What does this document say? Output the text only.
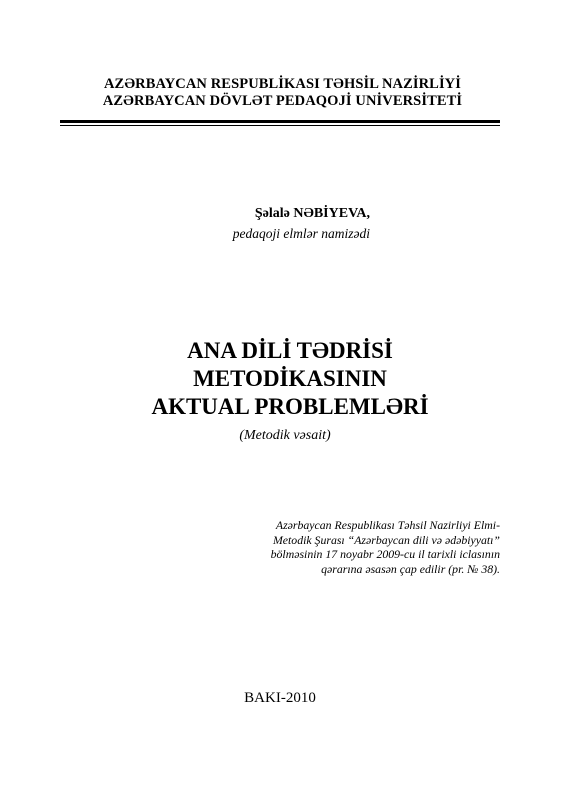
AZƏRBAYCAN RESPUBLİKASI TƏHSİL NAZİRLİYİ
AZƏRBAYCAN DÖVLƏT PEDAQOJİ UNİVERSİTETİ
Şəlalə NƏBİYEVA,
pedaqoji elmlər namizədi
ANA DİLİ TƏDRİSİ
METODİKASININ
AKTUAL PROBLEMLƏRİ
(Metodik vəsait)
Azərbaycan Respublikası Təhsil Nazirliyi Elmi-
Metodik Şurası “Azərbaycan dili və ədəbiyyatı”
bölməsinin 17 noyabr 2009-cu il tarixli iclasının
qərarına əsasən çap edilir (pr. № 38).
BAKI-2010
